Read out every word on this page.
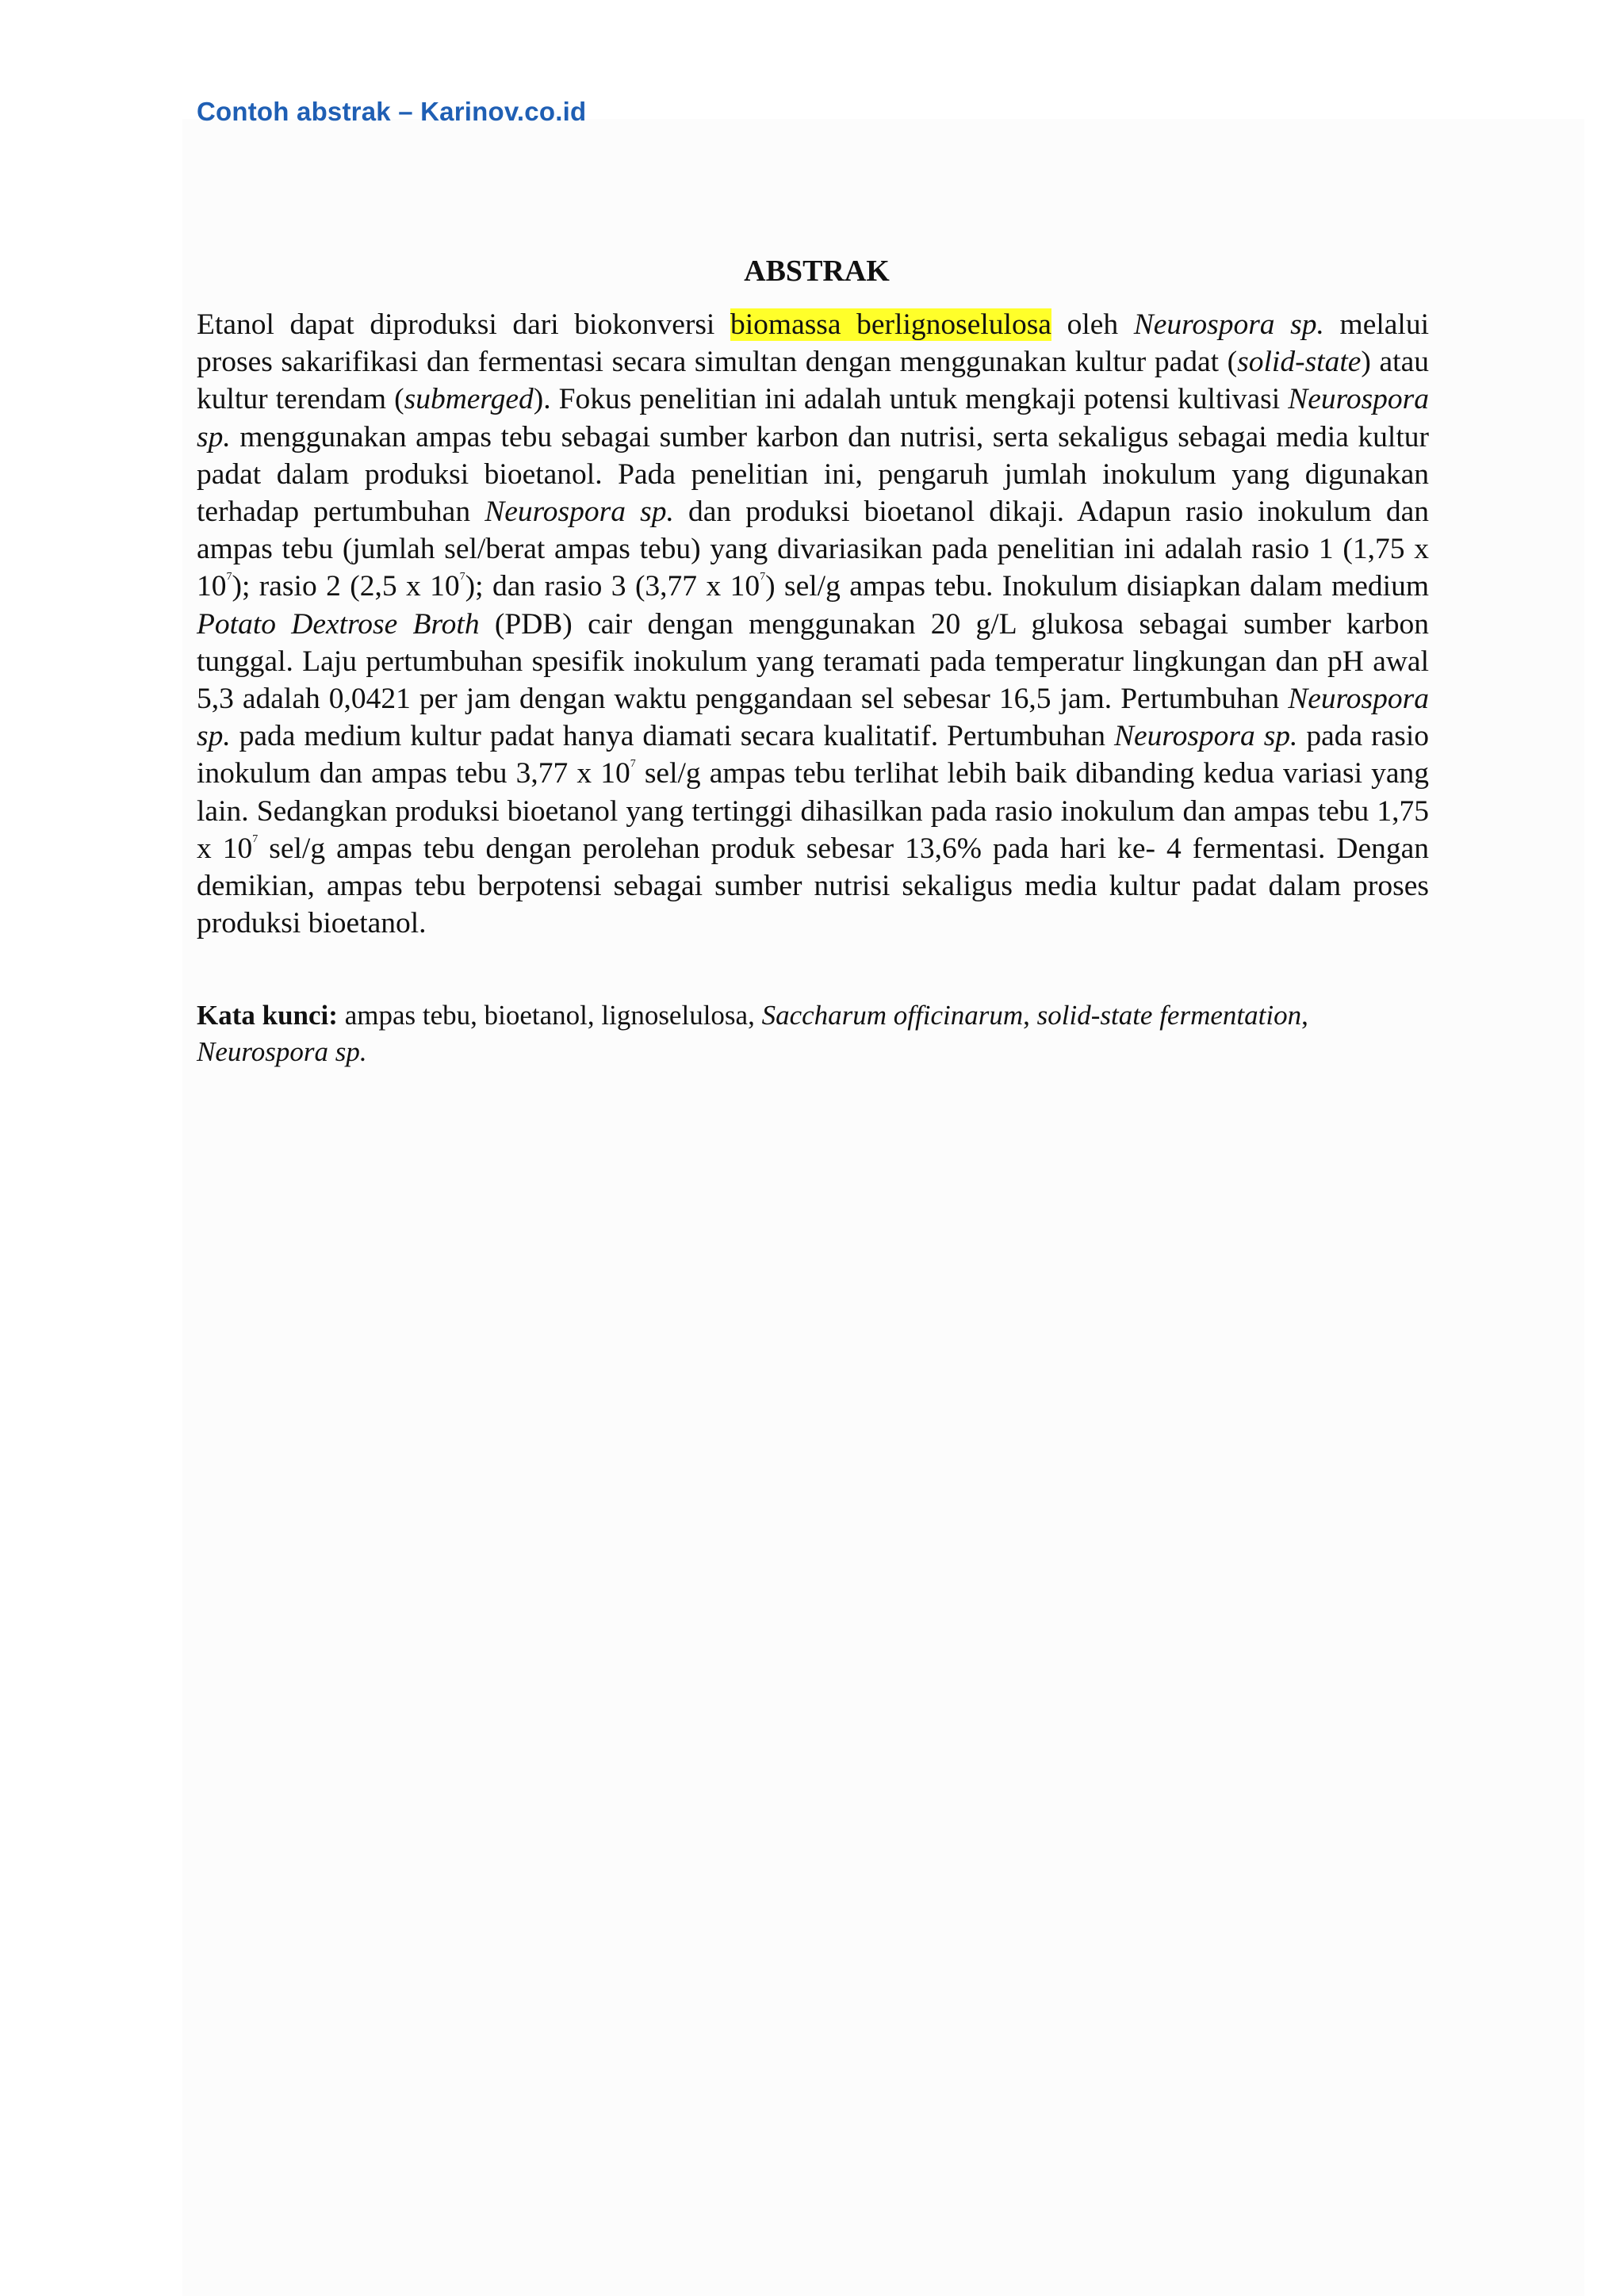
Contoh abstrak – Karinov.co.id
ABSTRAK

Etanol dapat diproduksi dari biokonversi biomassa berlignoselulosa oleh Neurospora sp. melalui proses sakarifikasi dan fermentasi secara simultan dengan menggunakan kultur padat (solid-state) atau kultur terendam (submerged). Fokus penelitian ini adalah untuk mengkaji potensi kultivasi Neurospora sp. menggunakan ampas tebu sebagai sumber karbon dan nutrisi, serta sekaligus sebagai media kultur padat dalam produksi bioetanol. Pada penelitian ini, pengaruh jumlah inokulum yang digunakan terhadap pertumbuhan Neurospora sp. dan produksi bioetanol dikaji. Adapun rasio inokulum dan ampas tebu (jumlah sel/berat ampas tebu) yang divariasikan pada penelitian ini adalah rasio 1 (1,75 x $10^7$); rasio 2 (2,5 x $10^7$); dan rasio 3 (3,77 x $10^7$) sel/g ampas tebu. Inokulum disiapkan dalam medium Potato Dextrose Broth (PDB) cair dengan menggunakan 20 g/L glukosa sebagai sumber karbon tunggal. Laju pertumbuhan spesifik inokulum yang teramati pada temperatur lingkungan dan pH awal 5,3 adalah 0,0421 per jam dengan waktu penggandaan sel sebesar 16,5 jam. Pertumbuhan Neurospora sp. pada medium kultur padat hanya diamati secara kualitatif. Pertumbuhan Neurospora sp. pada rasio inokulum dan ampas tebu 3,77 x $10^7$ sel/g ampas tebu terlihat lebih baik dibanding kedua variasi yang lain. Sedangkan produksi bioetanol yang tertinggi dihasilkan pada rasio inokulum dan ampas tebu 1,75 x $10^7$ sel/g ampas tebu dengan perolehan produk sebesar 13,6% pada hari ke- 4 fermentasi. Dengan demikian, ampas tebu berpotensi sebagai sumber nutrisi sekaligus media kultur padat dalam proses produksi bioetanol.

Kata kunci: ampas tebu, bioetanol, lignoselulosa, Saccharum officinarum, solid-state fermentation, Neurospora sp.
